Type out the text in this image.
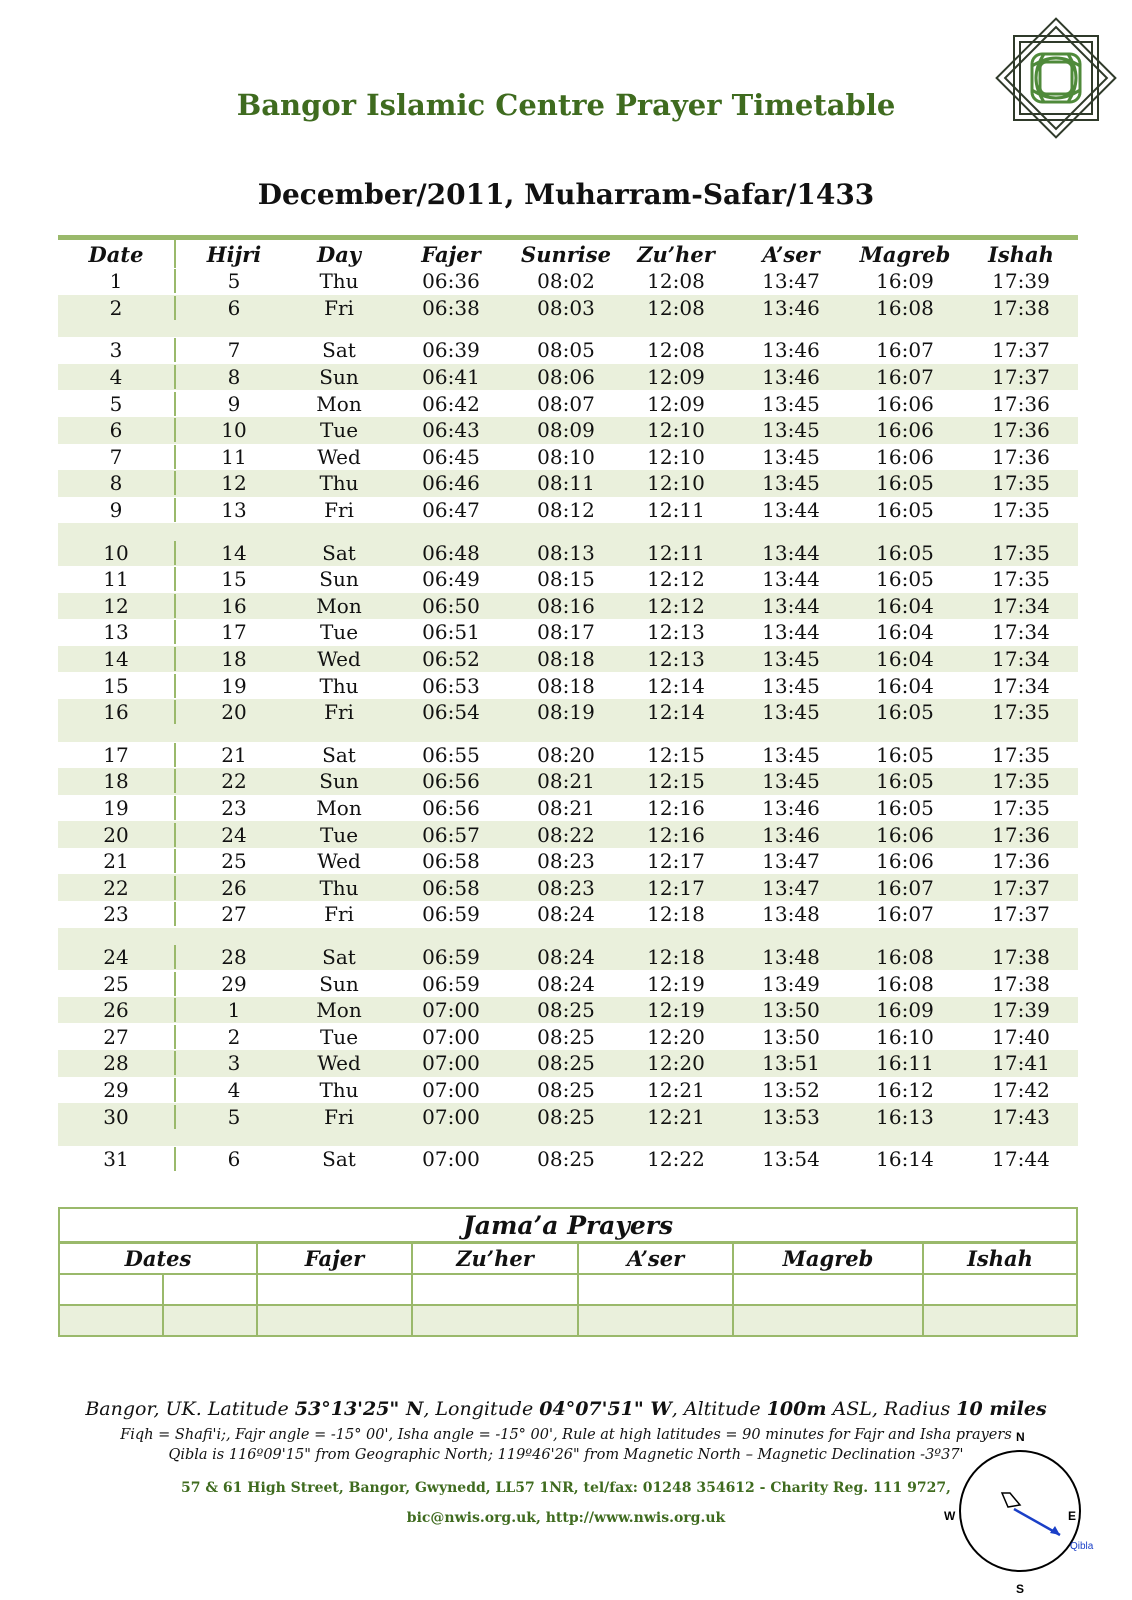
Bangor Islamic Centre Prayer Timetable
December/2011, Muharram-Safar/1433
Date	Hijri	Day	Fajer	Sunrise	Zu’her	A’ser	Magreb	Ishah
1	5	Thu	06:36	08:02	12:08	13:47	16:09	17:39
2	6	Fri	06:38	08:03	12:08	13:46	16:08	17:38
3	7	Sat	06:39	08:05	12:08	13:46	16:07	17:37
4	8	Sun	06:41	08:06	12:09	13:46	16:07	17:37
5	9	Mon	06:42	08:07	12:09	13:45	16:06	17:36
6	10	Tue	06:43	08:09	12:10	13:45	16:06	17:36
7	11	Wed	06:45	08:10	12:10	13:45	16:06	17:36
8	12	Thu	06:46	08:11	12:10	13:45	16:05	17:35
9	13	Fri	06:47	08:12	12:11	13:44	16:05	17:35
10	14	Sat	06:48	08:13	12:11	13:44	16:05	17:35
11	15	Sun	06:49	08:15	12:12	13:44	16:05	17:35
12	16	Mon	06:50	08:16	12:12	13:44	16:04	17:34
13	17	Tue	06:51	08:17	12:13	13:44	16:04	17:34
14	18	Wed	06:52	08:18	12:13	13:45	16:04	17:34
15	19	Thu	06:53	08:18	12:14	13:45	16:04	17:34
16	20	Fri	06:54	08:19	12:14	13:45	16:05	17:35
17	21	Sat	06:55	08:20	12:15	13:45	16:05	17:35
18	22	Sun	06:56	08:21	12:15	13:45	16:05	17:35
19	23	Mon	06:56	08:21	12:16	13:46	16:05	17:35
20	24	Tue	06:57	08:22	12:16	13:46	16:06	17:36
21	25	Wed	06:58	08:23	12:17	13:47	16:06	17:36
22	26	Thu	06:58	08:23	12:17	13:47	16:07	17:37
23	27	Fri	06:59	08:24	12:18	13:48	16:07	17:37
24	28	Sat	06:59	08:24	12:18	13:48	16:08	17:38
25	29	Sun	06:59	08:24	12:19	13:49	16:08	17:38
26	1	Mon	07:00	08:25	12:19	13:50	16:09	17:39
27	2	Tue	07:00	08:25	12:20	13:50	16:10	17:40
28	3	Wed	07:00	08:25	12:20	13:51	16:11	17:41
29	4	Thu	07:00	08:25	12:21	13:52	16:12	17:42
30	5	Fri	07:00	08:25	12:21	13:53	16:13	17:43
31	6	Sat	07:00	08:25	12:22	13:54	16:14	17:44
Jama’a Prayers
Dates	Fajer	Zu’her	A’ser	Magreb	Ishah
Bangor, UK. Latitude 53°13'25" N, Longitude 04°07'51" W, Altitude 100m ASL, Radius 10 miles
Fiqh = Shafi'i;, Fajr angle = -15° 00', Isha angle = -15° 00', Rule at high latitudes = 90 minutes for Fajr and Isha prayers
Qibla is 116º09'15" from Geographic North; 119º46'26" from Magnetic North – Magnetic Declination -3º37'
57 & 61 High Street, Bangor, Gwynedd, LL57 1NR, tel/fax: 01248 354612 - Charity Reg. 111 9727,
bic@nwis.org.uk, http://www.nwis.org.uk
N
E
S
W
Qibla
